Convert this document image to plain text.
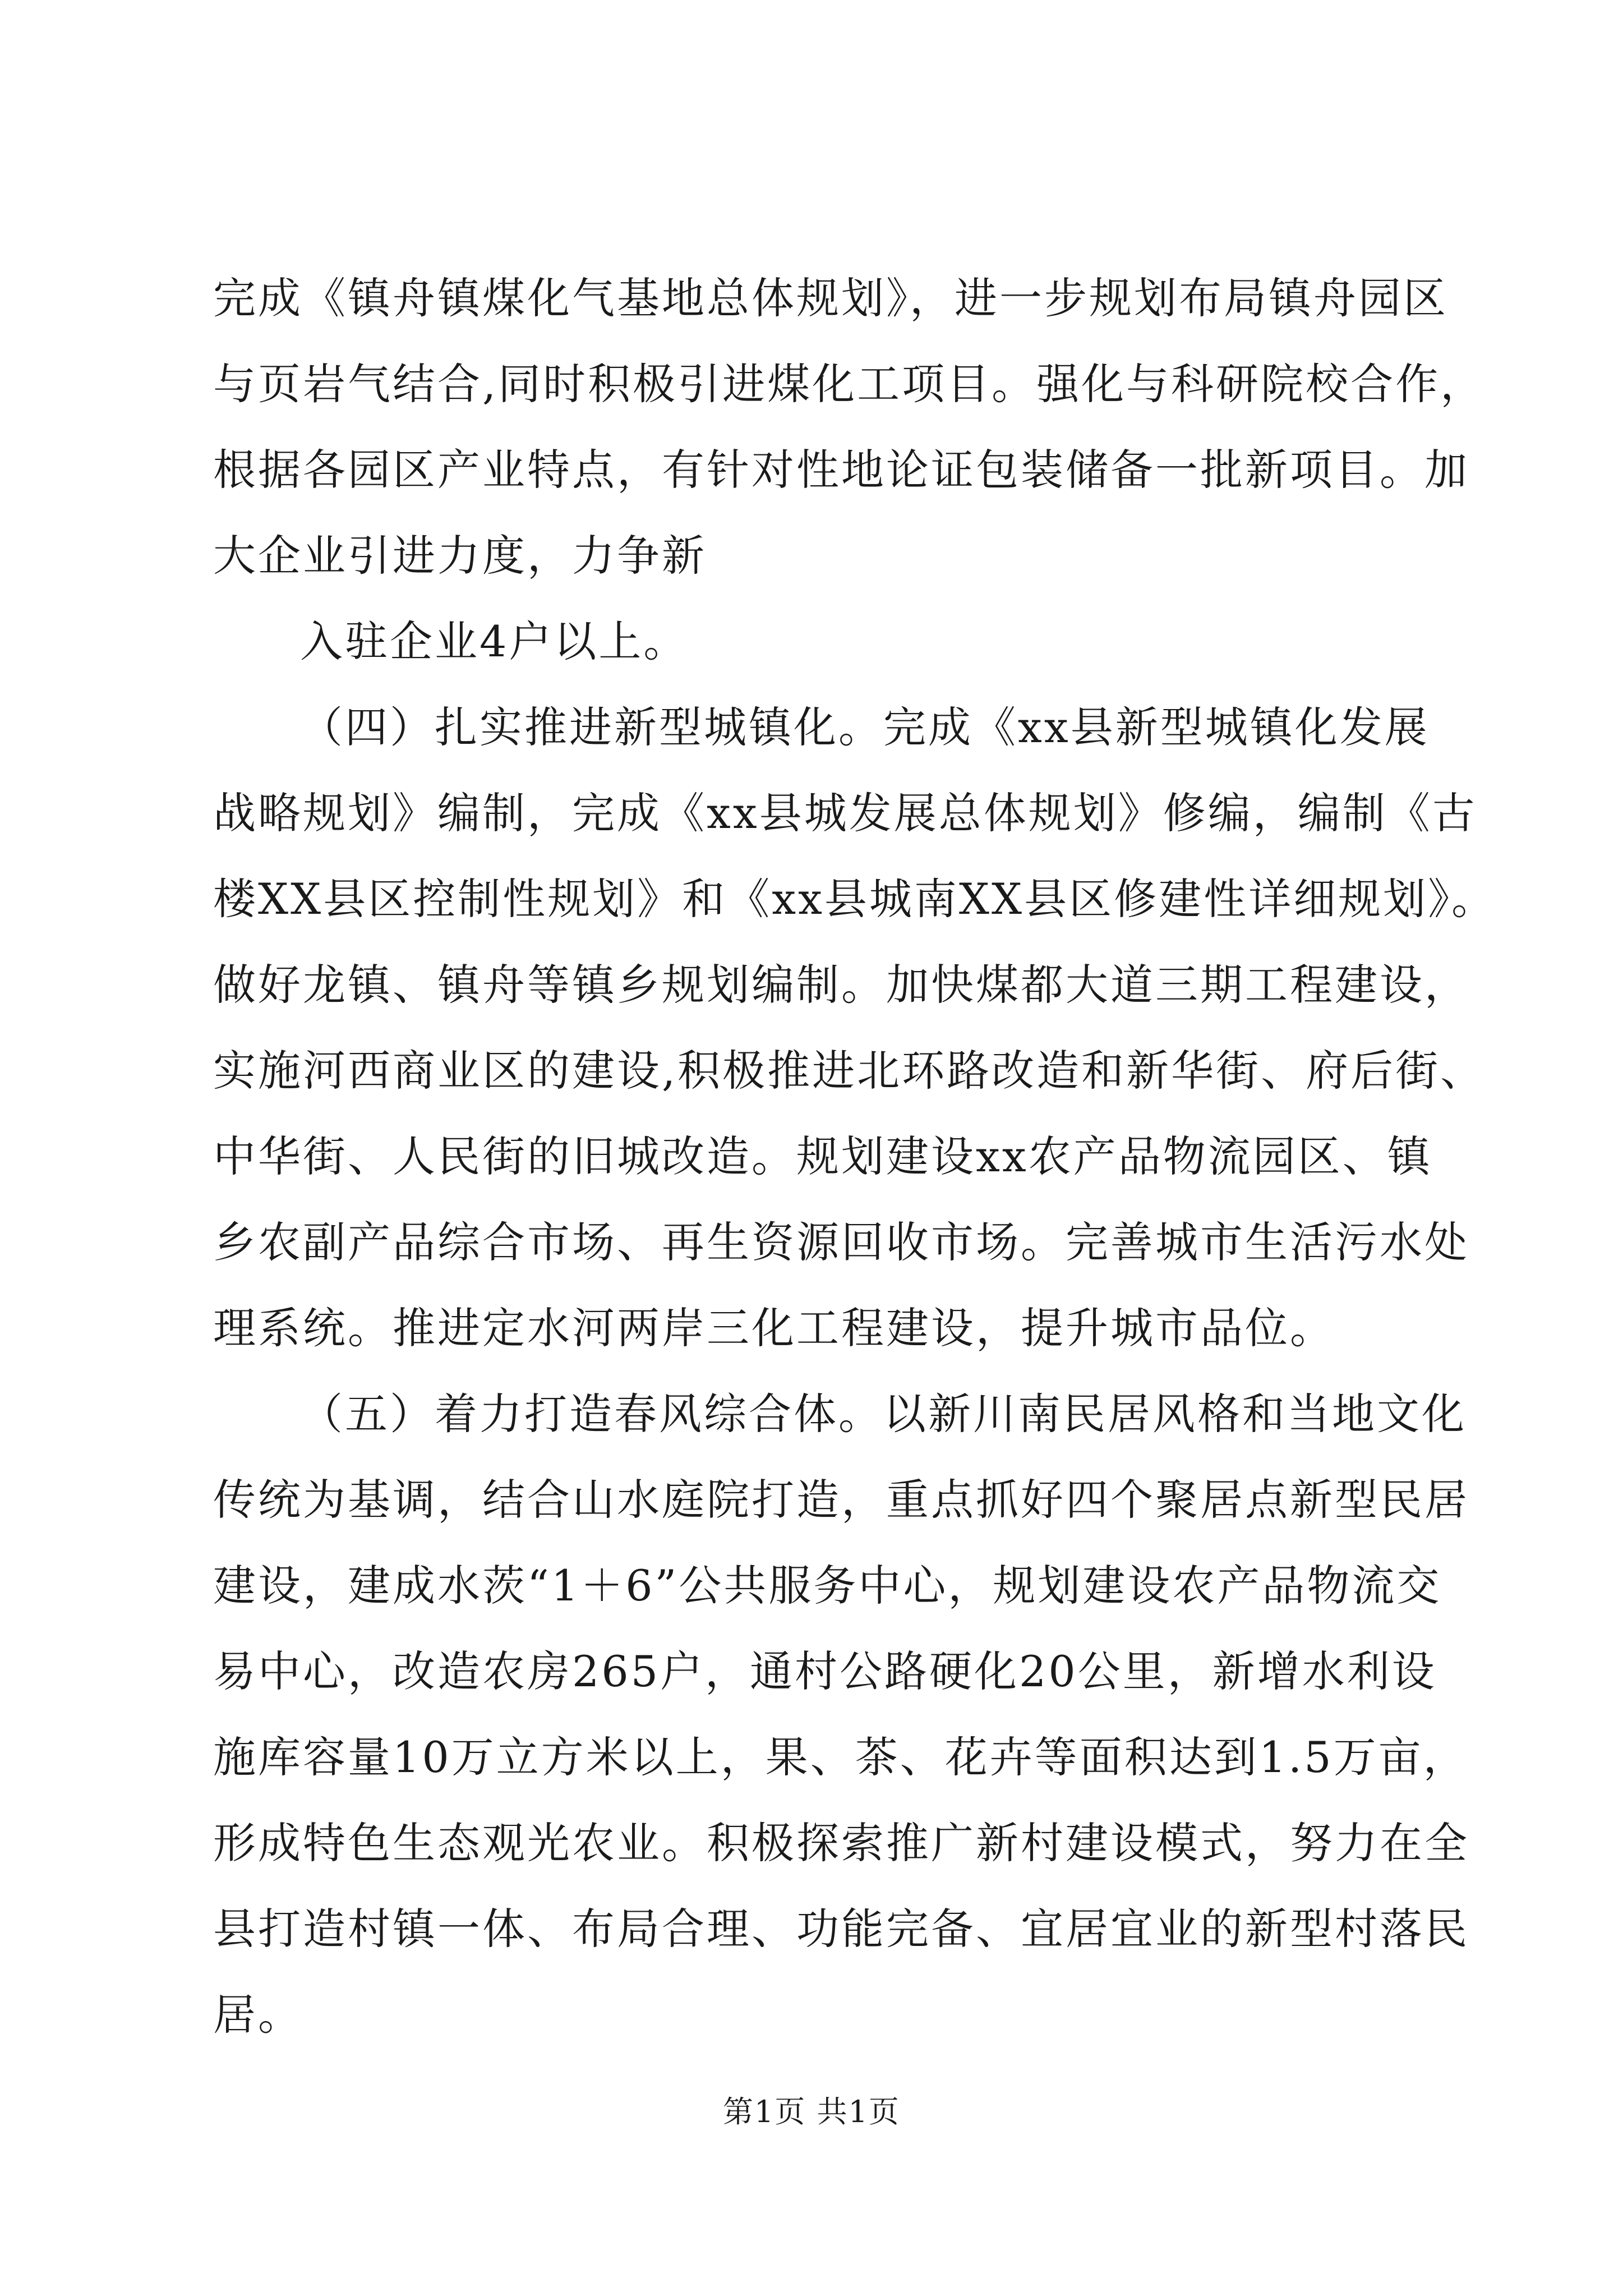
完成《镇舟镇煤化气基地总体规划》，进一步规划布局镇舟园区
与页岩气结合,同时积极引进煤化工项目。强化与科研院校合作，
根据各园区产业特点，有针对性地论证包装储备一批新项目。加
大企业引进力度，力争新
入驻企业4户以上。
（四）扎实推进新型城镇化。完成《xx县新型城镇化发展
战略规划》编制，完成《xx县城发展总体规划》修编，编制《古
楼XX县区控制性规划》和《xx县城南XX县区修建性详细规划》。
做好龙镇、镇舟等镇乡规划编制。加快煤都大道三期工程建设，
实施河西商业区的建设,积极推进北环路改造和新华街、府后街、
中华街、人民街的旧城改造。规划建设xx农产品物流园区、镇
乡农副产品综合市场、再生资源回收市场。完善城市生活污水处
理系统。推进定水河两岸三化工程建设，提升城市品位。
（五）着力打造春风综合体。以新川南民居风格和当地文化
传统为基调，结合山水庭院打造，重点抓好四个聚居点新型民居
建设，建成水茨“1＋6”公共服务中心，规划建设农产品物流交
易中心，改造农房265户，通村公路硬化20公里，新增水利设
施库容量10万立方米以上，果、茶、花卉等面积达到1.5万亩，
形成特色生态观光农业。积极探索推广新村建设模式，努力在全
县打造村镇一体、布局合理、功能完备、宜居宜业的新型村落民
居。
第1页 共1页
